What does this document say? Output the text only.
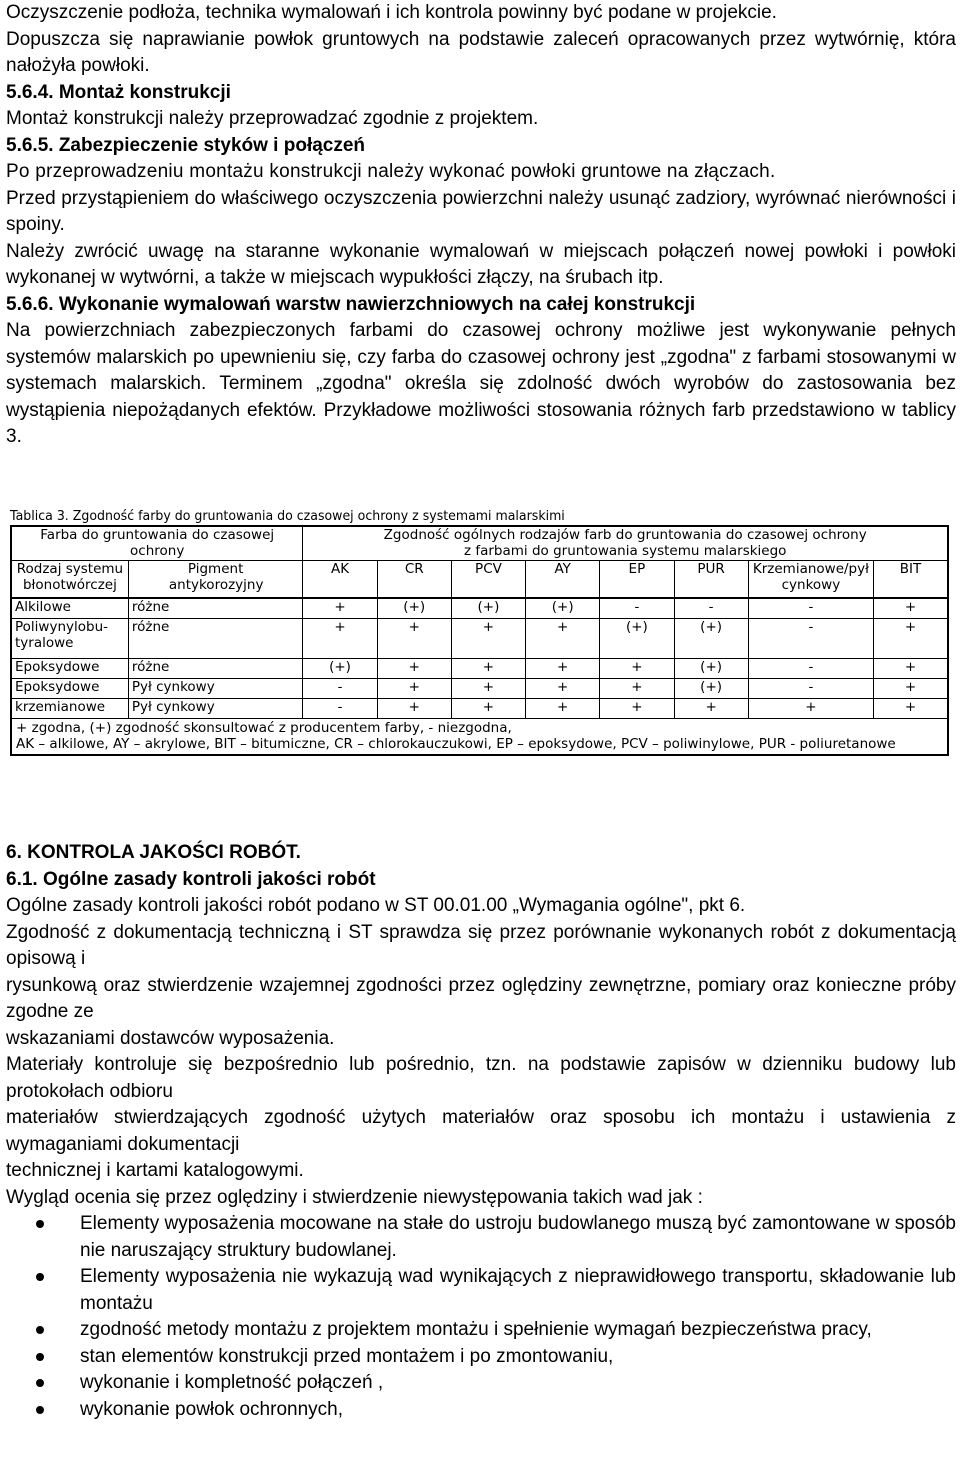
Oczyszczenie podłoża, technika wymalowań i ich kontrola powinny być podane w projekcie.

Dopuszcza się naprawianie powłok gruntowych na podstawie zaleceń opracowanych przez wytwórnię, która nałożyła powłoki.

5.6.4. Montaż konstrukcji

Montaż konstrukcji należy przeprowadzać zgodnie z projektem.

5.6.5. Zabezpieczenie styków i połączeń

Po przeprowadzeniu montażu konstrukcji należy wykonać powłoki gruntowe na złączach.

Przed przystąpieniem do właściwego oczyszczenia powierzchni należy usunąć zadziory, wyrównać nierówności i spoiny.

Należy zwrócić uwagę na staranne wykonanie wymalowań w miejscach połączeń nowej powłoki i powłoki wykonanej w wytwórni, a także w miejscach wypukłości złączy, na śrubach itp.

5.6.6. Wykonanie wymalowań warstw nawierzchniowych na całej konstrukcji

Na powierzchniach zabezpieczonych farbami do czasowej ochrony możliwe jest wykonywanie pełnych systemów malarskich po upewnieniu się, czy farba do czasowej ochrony jest „zgodna" z farbami stosowanymi w systemach malarskich. Terminem „zgodna" określa się zdolność dwóch wyrobów do zastosowania bez wystąpienia niepożądanych efektów. Przykładowe możliwości stosowania różnych farb przedstawiono w tablicy 3.

Tablica 3. Zgodność farby do gruntowania do czasowej ochrony z systemami malarskimi
Farba do gruntowania do czasowej ochrony		Zgodność ogólnych rodzajów farb do gruntowania do czasowej ochrony z farbami do gruntowania systemu malarskiego							
Rodzaj systemu błonotwórczej	Pigment antykorozyjny	AK	CR	PCV	AY	EP	PUR	Krzemianowe/pył cynkowy	BIT
Alkilowe	różne	+	(+)	(+)	(+)	-	-	-	+
Poliwynylobu-tyralowe	różne	+	+	+	+	(+)	(+)	-	+
Epoksydowe	różne	(+)	+	+	+	+	(+)	-	+
Epoksydowe	Pył cynkowy	-	+	+	+	+	(+)	-	+
krzemianowe	Pył cynkowy	-	+	+	+	+	+	+	+

+ zgodna, (+) zgodność skonsultować z producentem farby, - niezgodna,
AK – alkilowe, AY – akrylowe, BIT – bitumiczne, CR – chlorokauczukowi, EP – epoksydowe, PCV – poliwinylowe, PUR - poliuretanowe									

6. KONTROLA JAKOŚCI ROBÓT.

6.1. Ogólne zasady kontroli jakości robót

Ogólne zasady kontroli jakości robót podano w ST 00.01.00 „Wymagania ogólne", pkt 6.

Zgodność z dokumentacją techniczną i ST sprawdza się przez porównanie wykonanych robót z dokumentacją opisową i

rysunkową oraz stwierdzenie wzajemnej zgodności przez oględziny zewnętrzne, pomiary oraz konieczne próby zgodne ze

wskazaniami dostawców wyposażenia.

Materiały kontroluje się bezpośrednio lub pośrednio, tzn. na podstawie zapisów w dzienniku budowy lub protokołach odbioru

materiałów stwierdzających zgodność użytych materiałów oraz sposobu ich montażu i ustawienia z wymaganiami dokumentacji

technicznej i kartami katalogowymi.

Wygląd ocenia się przez oględziny i stwierdzenie niewystępowania takich wad jak :

Elementy wyposażenia mocowane na stałe do ustroju budowlanego muszą być zamontowane w sposób nie naruszający struktury budowlanej.
Elementy wyposażenia nie wykazują wad wynikających z nieprawidłowego transportu, składowanie lub montażu
zgodność metody montażu z projektem montażu i spełnienie wymagań bezpieczeństwa pracy,
stan elementów konstrukcji przed montażem i po zmontowaniu,
wykonanie i kompletność połączeń ,
wykonanie powłok ochronnych,
